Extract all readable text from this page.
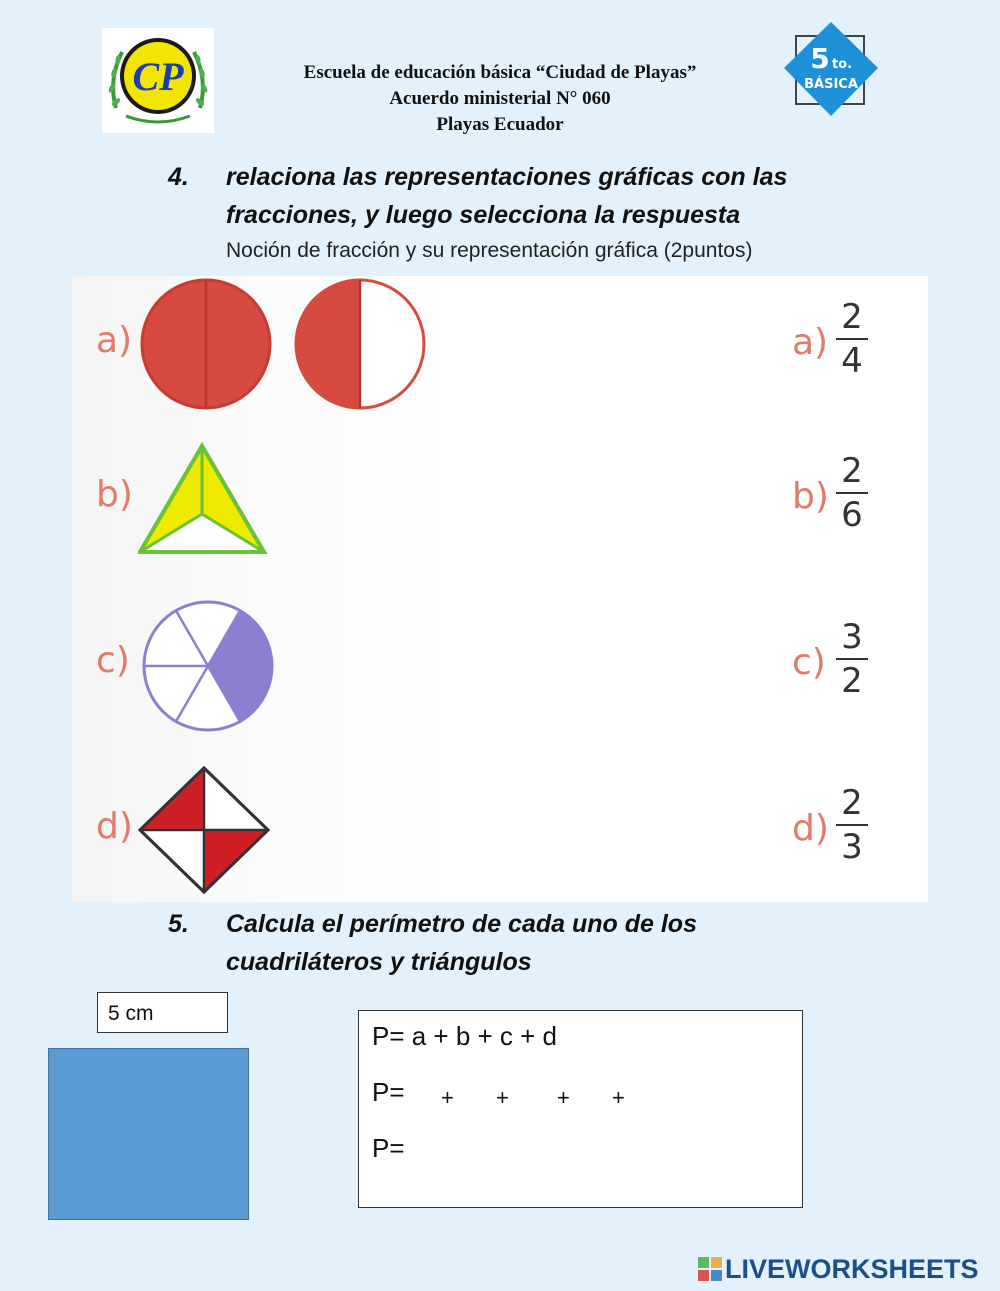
CP	Escuela de educación básica “Ciudad de Playas”
Acuerdo ministerial N° 060
Playas Ecuador
5 to.
BÁSICA
4. relaciona las representaciones gráficas con las
fracciones, y luego selecciona la respuesta
Noción de fracción y su representación gráfica (2puntos)
a)
b)
c)
d)
a)
b)
c)
d)
2
4
2
6
3
2
2
3
5. Calcula el perímetro de cada uno de los
cuadriláteros y triángulos
5 cm
P= a + b + c + d
P= + + + +
P=
LIVEWORKSHEETS
